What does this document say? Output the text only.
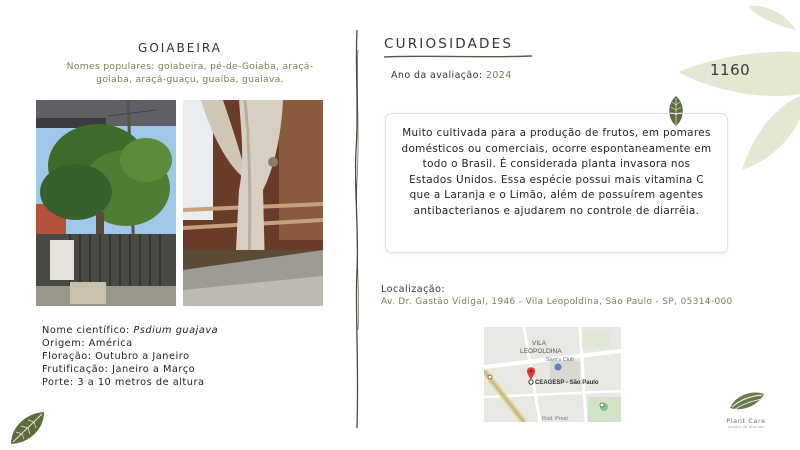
GOIABEIRA
Nomes populares: goiabeira, pé-de-Goiaba, araçá-goiaba, araçá-guaçu, guaíba, guaiava.
Nome científico: Psdium guajava
Origem: América
Floração: Outubro a Janeiro
Frutificação: Janeiro a Março
Porte: 3 a 10 metros de altura
CURIOSIDADES
Ano da avaliação: 2024
Muito cultivada para a produção de frutos, em pomares domésticos ou comerciais, ocorre espontaneamente em todo o Brasil. É considerada planta invasora nos Estados Unidos. Essa espécie possui mais vitamina C que a Laranja e o Limão, além de possuírem agentes antibacterianos e ajudarem no controle de diarréia.
1160
Localização:
Av. Dr. Gastão Vidigal, 1946 - Vila Leopoldina, São Paulo - SP, 05314-000
VILA
LEOPOLDINA
Sam's Club
CEAGESP - São Paulo
Rod. Presi	Plant Care
jardim de plantas
